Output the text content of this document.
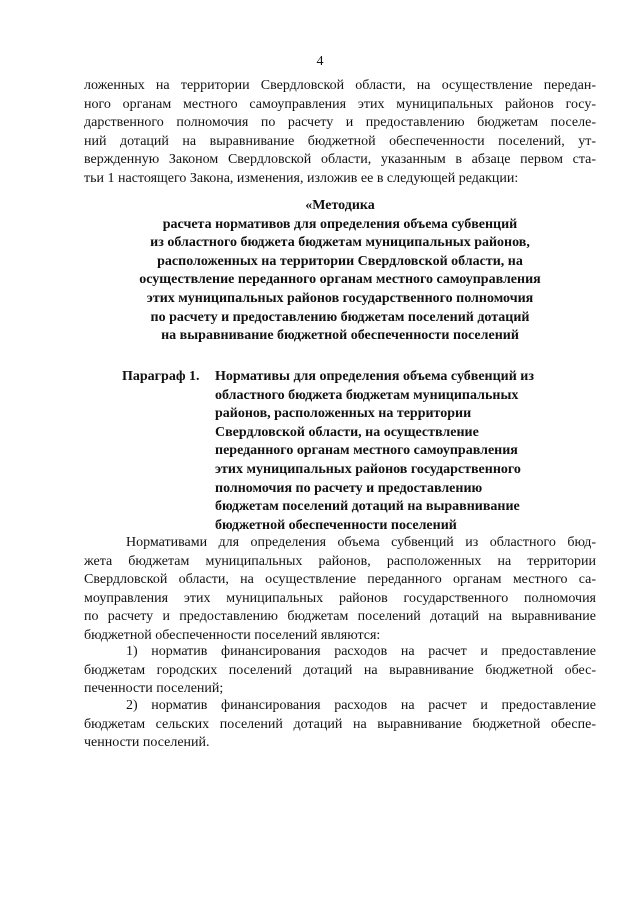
4
ложенных на территории Свердловской области, на осуществление передан-
ного органам местного самоуправления этих муниципальных районов госу-
дарственного полномочия по расчету и предоставлению бюджетам поселе-
ний дотаций на выравнивание бюджетной обеспеченности поселений, ут-
вержденную Законом Свердловской области, указанным в абзаце первом ста-
тьи 1 настоящего Закона, изменения, изложив ее в следующей редакции:
«Методика
расчета нормативов для определения объема субвенций
из областного бюджета бюджетам муниципальных районов,
расположенных на территории Свердловской области, на
осуществление переданного органам местного самоуправления
этих муниципальных районов государственного полномочия
по расчету и предоставлению бюджетам поселений дотаций
на выравнивание бюджетной обеспеченности поселений
Параграф 1. Нормативы для определения объема субвенций из
областного бюджета бюджетам муниципальных
районов, расположенных на территории
Свердловской области, на осуществление
переданного органам местного самоуправления
этих муниципальных районов государственного
полномочия по расчету и предоставлению
бюджетам поселений дотаций на выравнивание
бюджетной обеспеченности поселений
Нормативами для определения объема субвенций из областного бюд-
жета бюджетам муниципальных районов, расположенных на территории
Свердловской области, на осуществление переданного органам местного са-
моуправления этих муниципальных районов государственного полномочия
по расчету и предоставлению бюджетам поселений дотаций на выравнивание
бюджетной обеспеченности поселений являются:
1) норматив финансирования расходов на расчет и предоставление
бюджетам городских поселений дотаций на выравнивание бюджетной обес-
печенности поселений;
2) норматив финансирования расходов на расчет и предоставление
бюджетам сельских поселений дотаций на выравнивание бюджетной обеспе-
ченности поселений.
